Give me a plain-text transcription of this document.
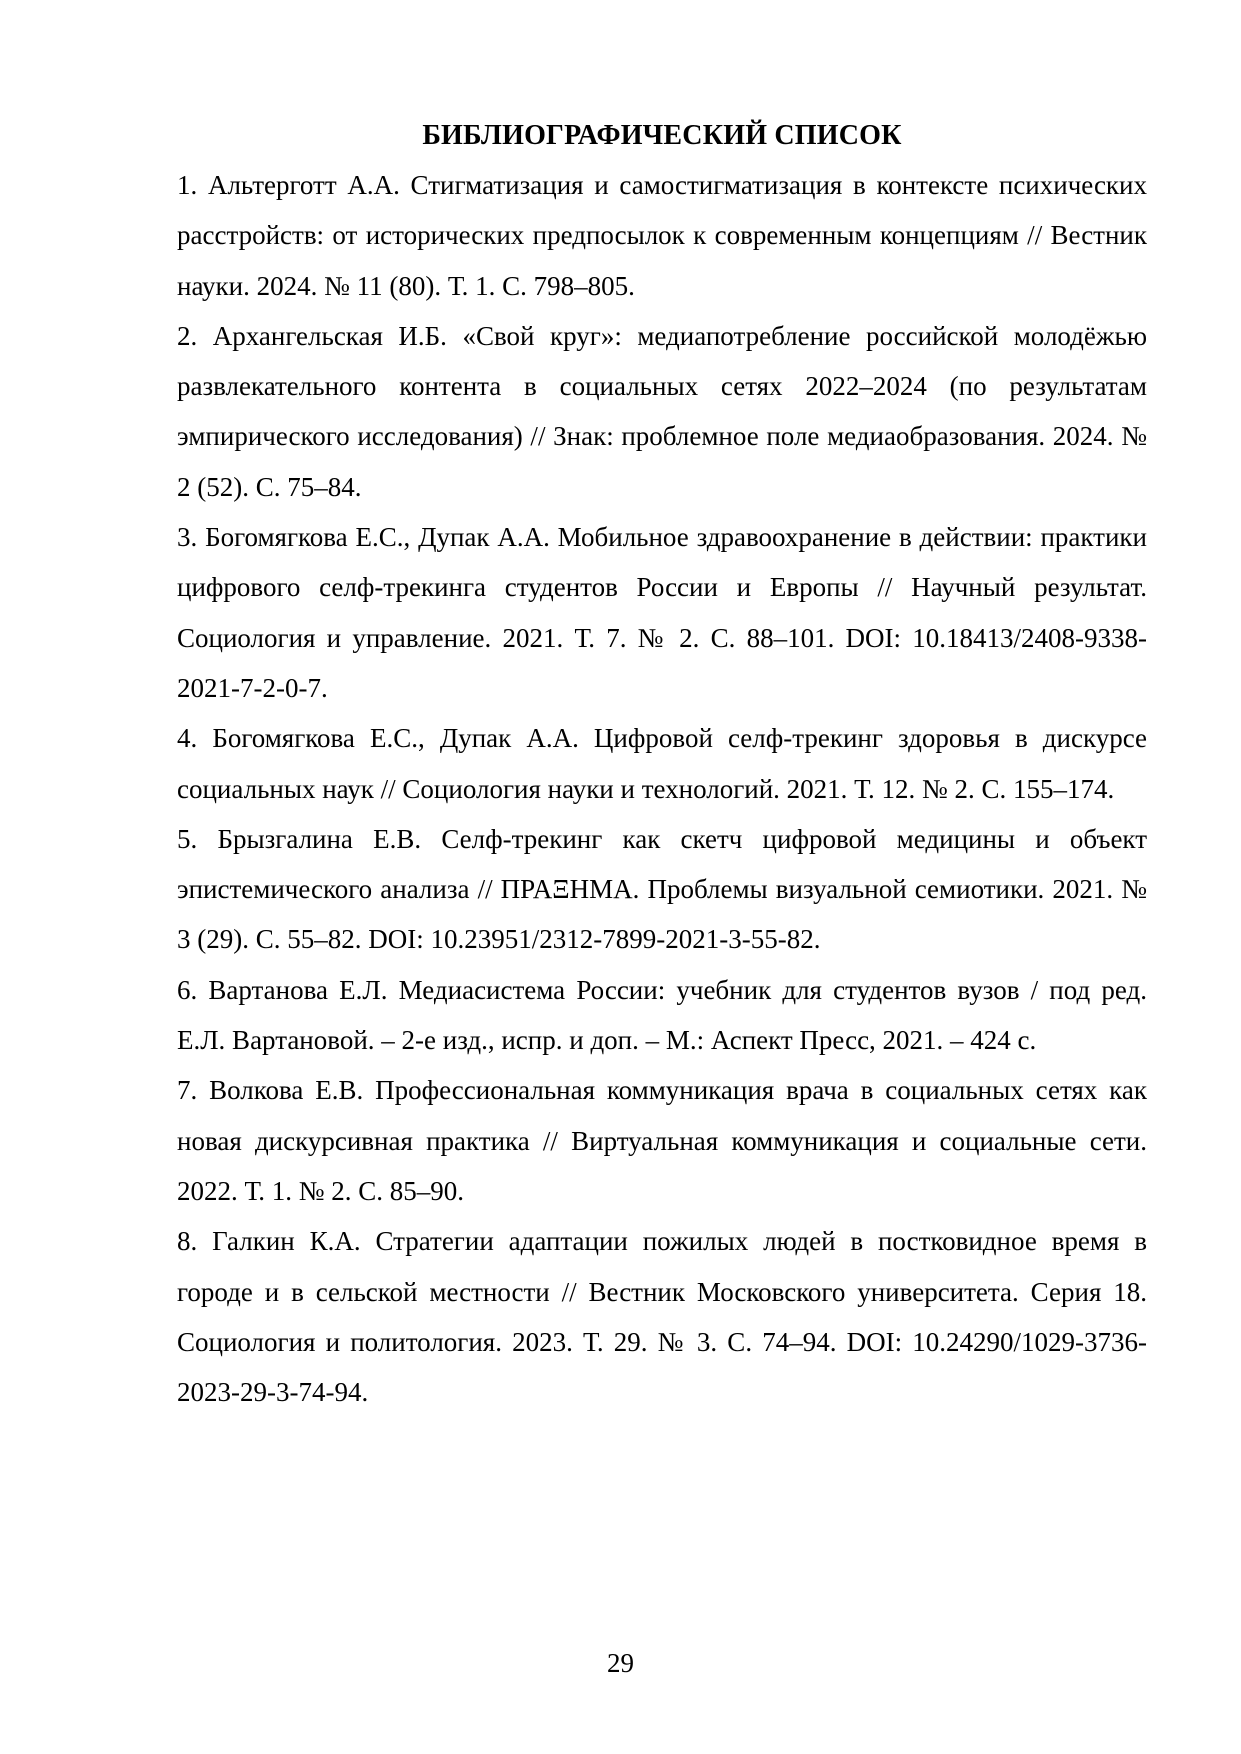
БИБЛИОГРАФИЧЕСКИЙ СПИСОК
1. Альтерготт А.А. Стигматизация и самостигматизация в контексте психических расстройств: от исторических предпосылок к современным концепциям // Вестник науки. 2024. № 11 (80). Т. 1. С. 798–805.
2. Архангельская И.Б. «Свой круг»: медиапотребление российской молодёжью развлекательного контента в социальных сетях 2022–2024 (по результатам эмпирического исследования) // Знак: проблемное поле медиаобразования. 2024. № 2 (52). С. 75–84.
3. Богомягкова Е.С., Дупак А.А. Мобильное здравоохранение в действии: практики цифрового селф-трекинга студентов России и Европы // Научный результат. Социология и управление. 2021. Т. 7. № 2. С. 88–101. DOI: 10.18413/2408-9338-2021-7-2-0-7.
4. Богомягкова Е.С., Дупак А.А. Цифровой селф-трекинг здоровья в дискурсе социальных наук // Социология науки и технологий. 2021. Т. 12. № 2. С. 155–174.
5. Брызгалина Е.В. Селф-трекинг как скетч цифровой медицины и объект эпистемического анализа // ΠΡΑΞΗΜΑ. Проблемы визуальной семиотики. 2021. № 3 (29). С. 55–82. DOI: 10.23951/2312-7899-2021-3-55-82.
6. Вартанова Е.Л. Медиасистема России: учебник для студентов вузов / под ред. Е.Л. Вартановой. – 2-е изд., испр. и доп. – М.: Аспект Пресс, 2021. – 424 с.
7. Волкова Е.В. Профессиональная коммуникация врача в социальных сетях как новая дискурсивная практика // Виртуальная коммуникация и социальные сети. 2022. Т. 1. № 2. С. 85–90.
8. Галкин К.А. Стратегии адаптации пожилых людей в постковидное время в городе и в сельской местности // Вестник Московского университета. Серия 18. Социология и политология. 2023. Т. 29. № 3. С. 74–94. DOI: 10.24290/1029-3736-2023-29-3-74-94.
29
